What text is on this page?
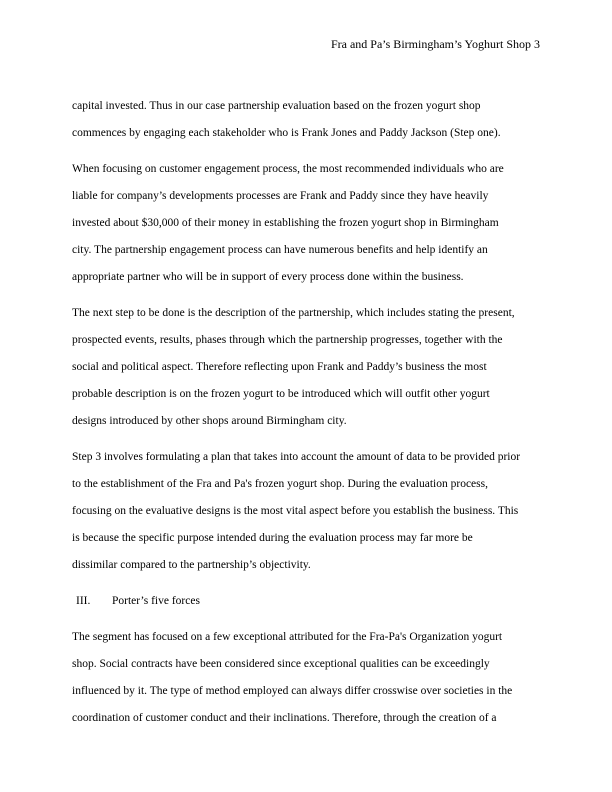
Fra and Pa’s Birmingham’s Yoghurt Shop 3

capital invested. Thus in our case partnership evaluation based on the frozen yogurt shop
commences by engaging each stakeholder who is Frank Jones and Paddy Jackson (Step one).

When focusing on customer engagement process, the most recommended individuals who are
liable for company’s developments processes are Frank and Paddy since they have heavily
invested about $30,000 of their money in establishing the frozen yogurt shop in Birmingham
city. The partnership engagement process can have numerous benefits and help identify an
appropriate partner who will be in support of every process done within the business.

The next step to be done is the description of the partnership, which includes stating the present,
prospected events, results, phases through which the partnership progresses, together with the
social and political aspect. Therefore reflecting upon Frank and Paddy’s business the most
probable description is on the frozen yogurt to be introduced which will outfit other yogurt
designs introduced by other shops around Birmingham city.

Step 3 involves formulating a plan that takes into account the amount of data to be provided prior
to the establishment of the Fra and Pa's frozen yogurt shop. During the evaluation process,
focusing on the evaluative designs is the most vital aspect before you establish the business. This
is because the specific purpose intended during the evaluation process may far more be
dissimilar compared to the partnership’s objectivity.

III. Porter’s five forces

The segment has focused on a few exceptional attributed for the Fra-Pa's Organization yogurt
shop. Social contracts have been considered since exceptional qualities can be exceedingly
influenced by it. The type of method employed can always differ crosswise over societies in the
coordination of customer conduct and their inclinations. Therefore, through the creation of a
